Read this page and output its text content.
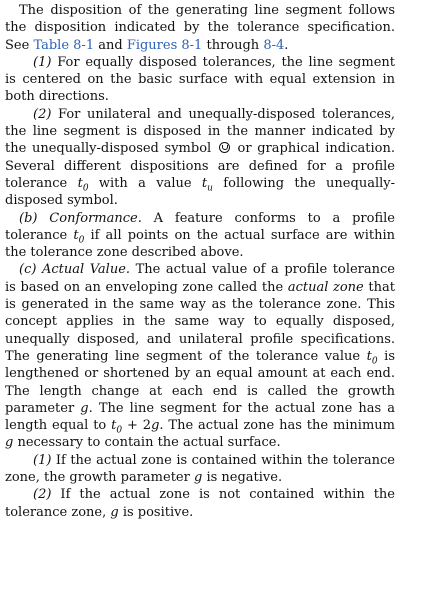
The disposition of the generating line segment follows the disposition indicated by the tolerance specification. See Table 8-1 and Figures 8-1 through 8-4.

(1) For equally disposed tolerances, the line segment is centered on the basic surface with equal extension in both directions.

(2) For unilateral and unequally-disposed tolerances, the line segment is disposed in the manner indicated by the unequally-disposed symbol  or graphical indication. Several different dispositions are defined for a profile tolerance $t_0$ with a value $t_u$ following the unequally-disposed symbol.

(b) Conformance. A feature conforms to a profile tolerance $t_0$ if all points on the actual surface are within the tolerance zone described above.

(c) Actual Value. The actual value of a profile tolerance is based on an enveloping zone called the actual zone that is generated in the same way as the tolerance zone. This concept applies in the same way to equally disposed, unequally disposed, and unilateral profile specifications. The generating line segment of the tolerance value $t_0$ is lengthened or shortened by an equal amount at each end. The length change at each end is called the growth parameter g. The line segment for the actual zone has a length equal to $t_0 + 2g$. The actual zone has the minimum g necessary to contain the actual surface.

(1) If the actual zone is contained within the tolerance zone, the growth parameter g is negative.

(2) If the actual zone is not contained within the tolerance zone, g is positive.
